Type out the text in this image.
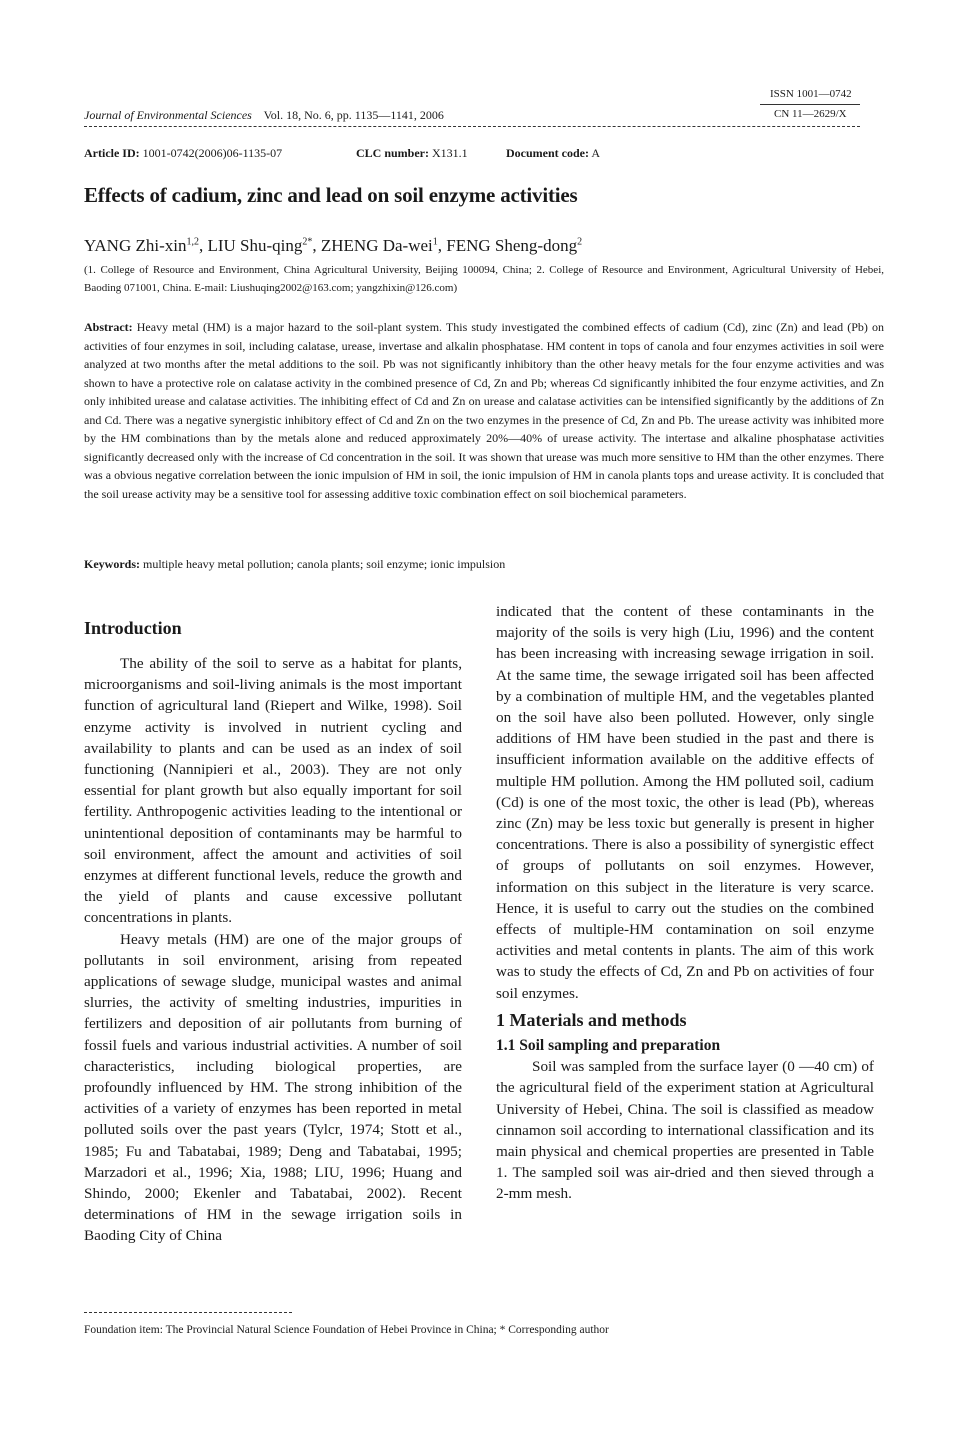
Journal of Environmental Sciences Vol. 18, No. 6, pp. 1135—1141, 2006
ISSN 1001—0742
CN 11—2629/X
Article ID: 1001-0742(2006)06-1135-07	CLC number: X131.1	Document code: A
Effects of cadium, zinc and lead on soil enzyme activities
YANG Zhi-xin$^{1,2}$, LIU Shu-qing$^{2*}$, ZHENG Da-wei$^1$, FENG Sheng-dong$^2$
(1. College of Resource and Environment, China Agricultural University, Beijing 100094, China; 2. College of Resource and Environment, Agricultural University of Hebei, Baoding 071001, China. E-mail: Liushuqing2002@163.com; yangzhixin@126.com)
Abstract: Heavy metal (HM) is a major hazard to the soil-plant system. This study investigated the combined effects of cadium (Cd), zinc (Zn) and lead (Pb) on activities of four enzymes in soil, including calatase, urease, invertase and alkalin phosphatase. HM content in tops of canola and four enzymes activities in soil were analyzed at two months after the metal additions to the soil. Pb was not significantly inhibitory than the other heavy metals for the four enzyme activities and was shown to have a protective role on calatase activity in the combined presence of Cd, Zn and Pb; whereas Cd significantly inhibited the four enzyme activities, and Zn only inhibited urease and calatase activities. The inhibiting effect of Cd and Zn on urease and calatase activities can be intensified significantly by the additions of Zn and Cd. There was a negative synergistic inhibitory effect of Cd and Zn on the two enzymes in the presence of Cd, Zn and Pb. The urease activity was inhibited more by the HM combinations than by the metals alone and reduced approximately 20%—40% of urease activity. The intertase and alkaline phosphatase activities significantly decreased only with the increase of Cd concentration in the soil. It was shown that urease was much more sensitive to HM than the other enzymes. There was a obvious negative correlation between the ionic impulsion of HM in soil, the ionic impulsion of HM in canola plants tops and urease activity. It is concluded that the soil urease activity may be a sensitive tool for assessing additive toxic combination effect on soil biochemical parameters.
Keywords: multiple heavy metal pollution; canola plants; soil enzyme; ionic impulsion
Introduction

The ability of the soil to serve as a habitat for plants, microorganisms and soil-living animals is the most important function of agricultural land (Riepert and Wilke, 1998). Soil enzyme activity is involved in nutrient cycling and availability to plants and can be used as an index of soil functioning (Nannipieri et al., 2003). They are not only essential for plant growth but also equally important for soil fertility. Anthropogenic activities leading to the intentional or unintentional deposition of contaminants may be harmful to soil environment, affect the amount and activities of soil enzymes at different functional levels, reduce the growth and the yield of plants and cause excessive pollutant concentrations in plants.

Heavy metals (HM) are one of the major groups of pollutants in soil environment, arising from repeated applications of sewage sludge, municipal wastes and animal slurries, the activity of smelting industries, impurities in fertilizers and deposition of air pollutants from burning of fossil fuels and various industrial activities. A number of soil characteristics, including biological properties, are profoundly influenced by HM. The strong inhibition of the activities of a variety of enzymes has been reported in metal polluted soils over the past years (Tylcr, 1974; Stott et al., 1985; Fu and Tabatabai, 1989; Deng and Tabatabai, 1995; Marzadori et al., 1996; Xia, 1988; LIU, 1996; Huang and Shindo, 2000; Ekenler and Tabatabai, 2002). Recent determinations of HM in the sewage irrigation soils in Baoding City of China

indicated that the content of these contaminants in the majority of the soils is very high (Liu, 1996) and the content has been increasing with increasing sewage irrigation in soil. At the same time, the sewage irrigated soil has been affected by a combination of multiple HM, and the vegetables planted on the soil have also been polluted. However, only single additions of HM have been studied in the past and there is insufficient information available on the additive effects of multiple HM pollution. Among the HM polluted soil, cadium (Cd) is one of the most toxic, the other is lead (Pb), whereas zinc (Zn) may be less toxic but generally is present in higher concentrations. There is also a possibility of synergistic effect of groups of pollutants on soil enzymes. However, information on this subject in the literature is very scarce. Hence, it is useful to carry out the studies on the combined effects of multiple-HM contamination on soil enzyme activities and metal contents in plants. The aim of this work was to study the effects of Cd, Zn and Pb on activities of four soil enzymes.

1 Materials and methods

1.1 Soil sampling and preparation

Soil was sampled from the surface layer (0 —40 cm) of the agricultural field of the experiment station at Agricultural University of Hebei, China. The soil is classified as meadow cinnamon soil according to international classification and its main physical and chemical properties are presented in Table 1. The sampled soil was air-dried and then sieved through a 2-mm mesh.

Foundation item: The Provincial Natural Science Foundation of Hebei Province in China; * Corresponding author
